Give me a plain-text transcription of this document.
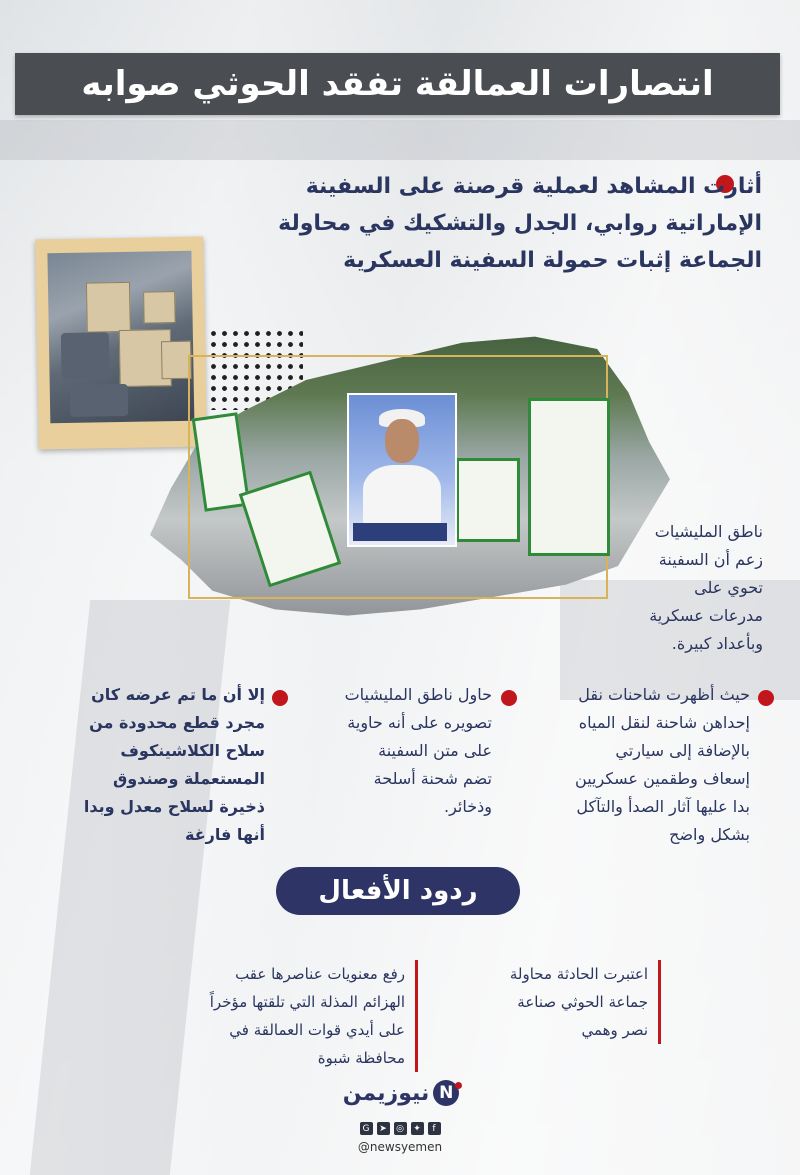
انتصارات العمالقة تفقد الحوثي صوابه
أثارت المشاهد لعملية قرصنة على السفينة
الإماراتية روابي، الجدل والتشكيك في محاولة
الجماعة إثبات حمولة السفينة العسكرية
ناطق المليشيات
زعم أن السفينة
تحوي على
مدرعات عسكرية
وبأعداد كبيرة.
حيث أظهرت شاحنات نقل
إحداهن شاحنة لنقل المياه
بالإضافة إلى سيارتي
إسعاف وطقمين عسكريين
بدا عليها آثار الصدأ والتآكل
بشكل واضح
حاول ناطق المليشيات
تصويره على أنه حاوية
على متن السفينة
تضم شحنة أسلحة
وذخائر.
إلا أن ما تم عرضه كان
مجرد قطع محدودة من
سلاح الكلاشينكوف
المستعملة وصندوق
ذخيرة لسلاح معدل وبدا
أنها فارغة
ردود الأفعال
اعتبرت الحادثة محاولة
جماعة الحوثي صناعة
نصر وهمي
رفع معنويات عناصرها عقب
الهزائم المذلة التي تلقتها مؤخراً
على أيدي قوات العمالقة في
محافظة شبوة
نيوزيمن N
G	➤	◎	✦	f
@newsyemen
